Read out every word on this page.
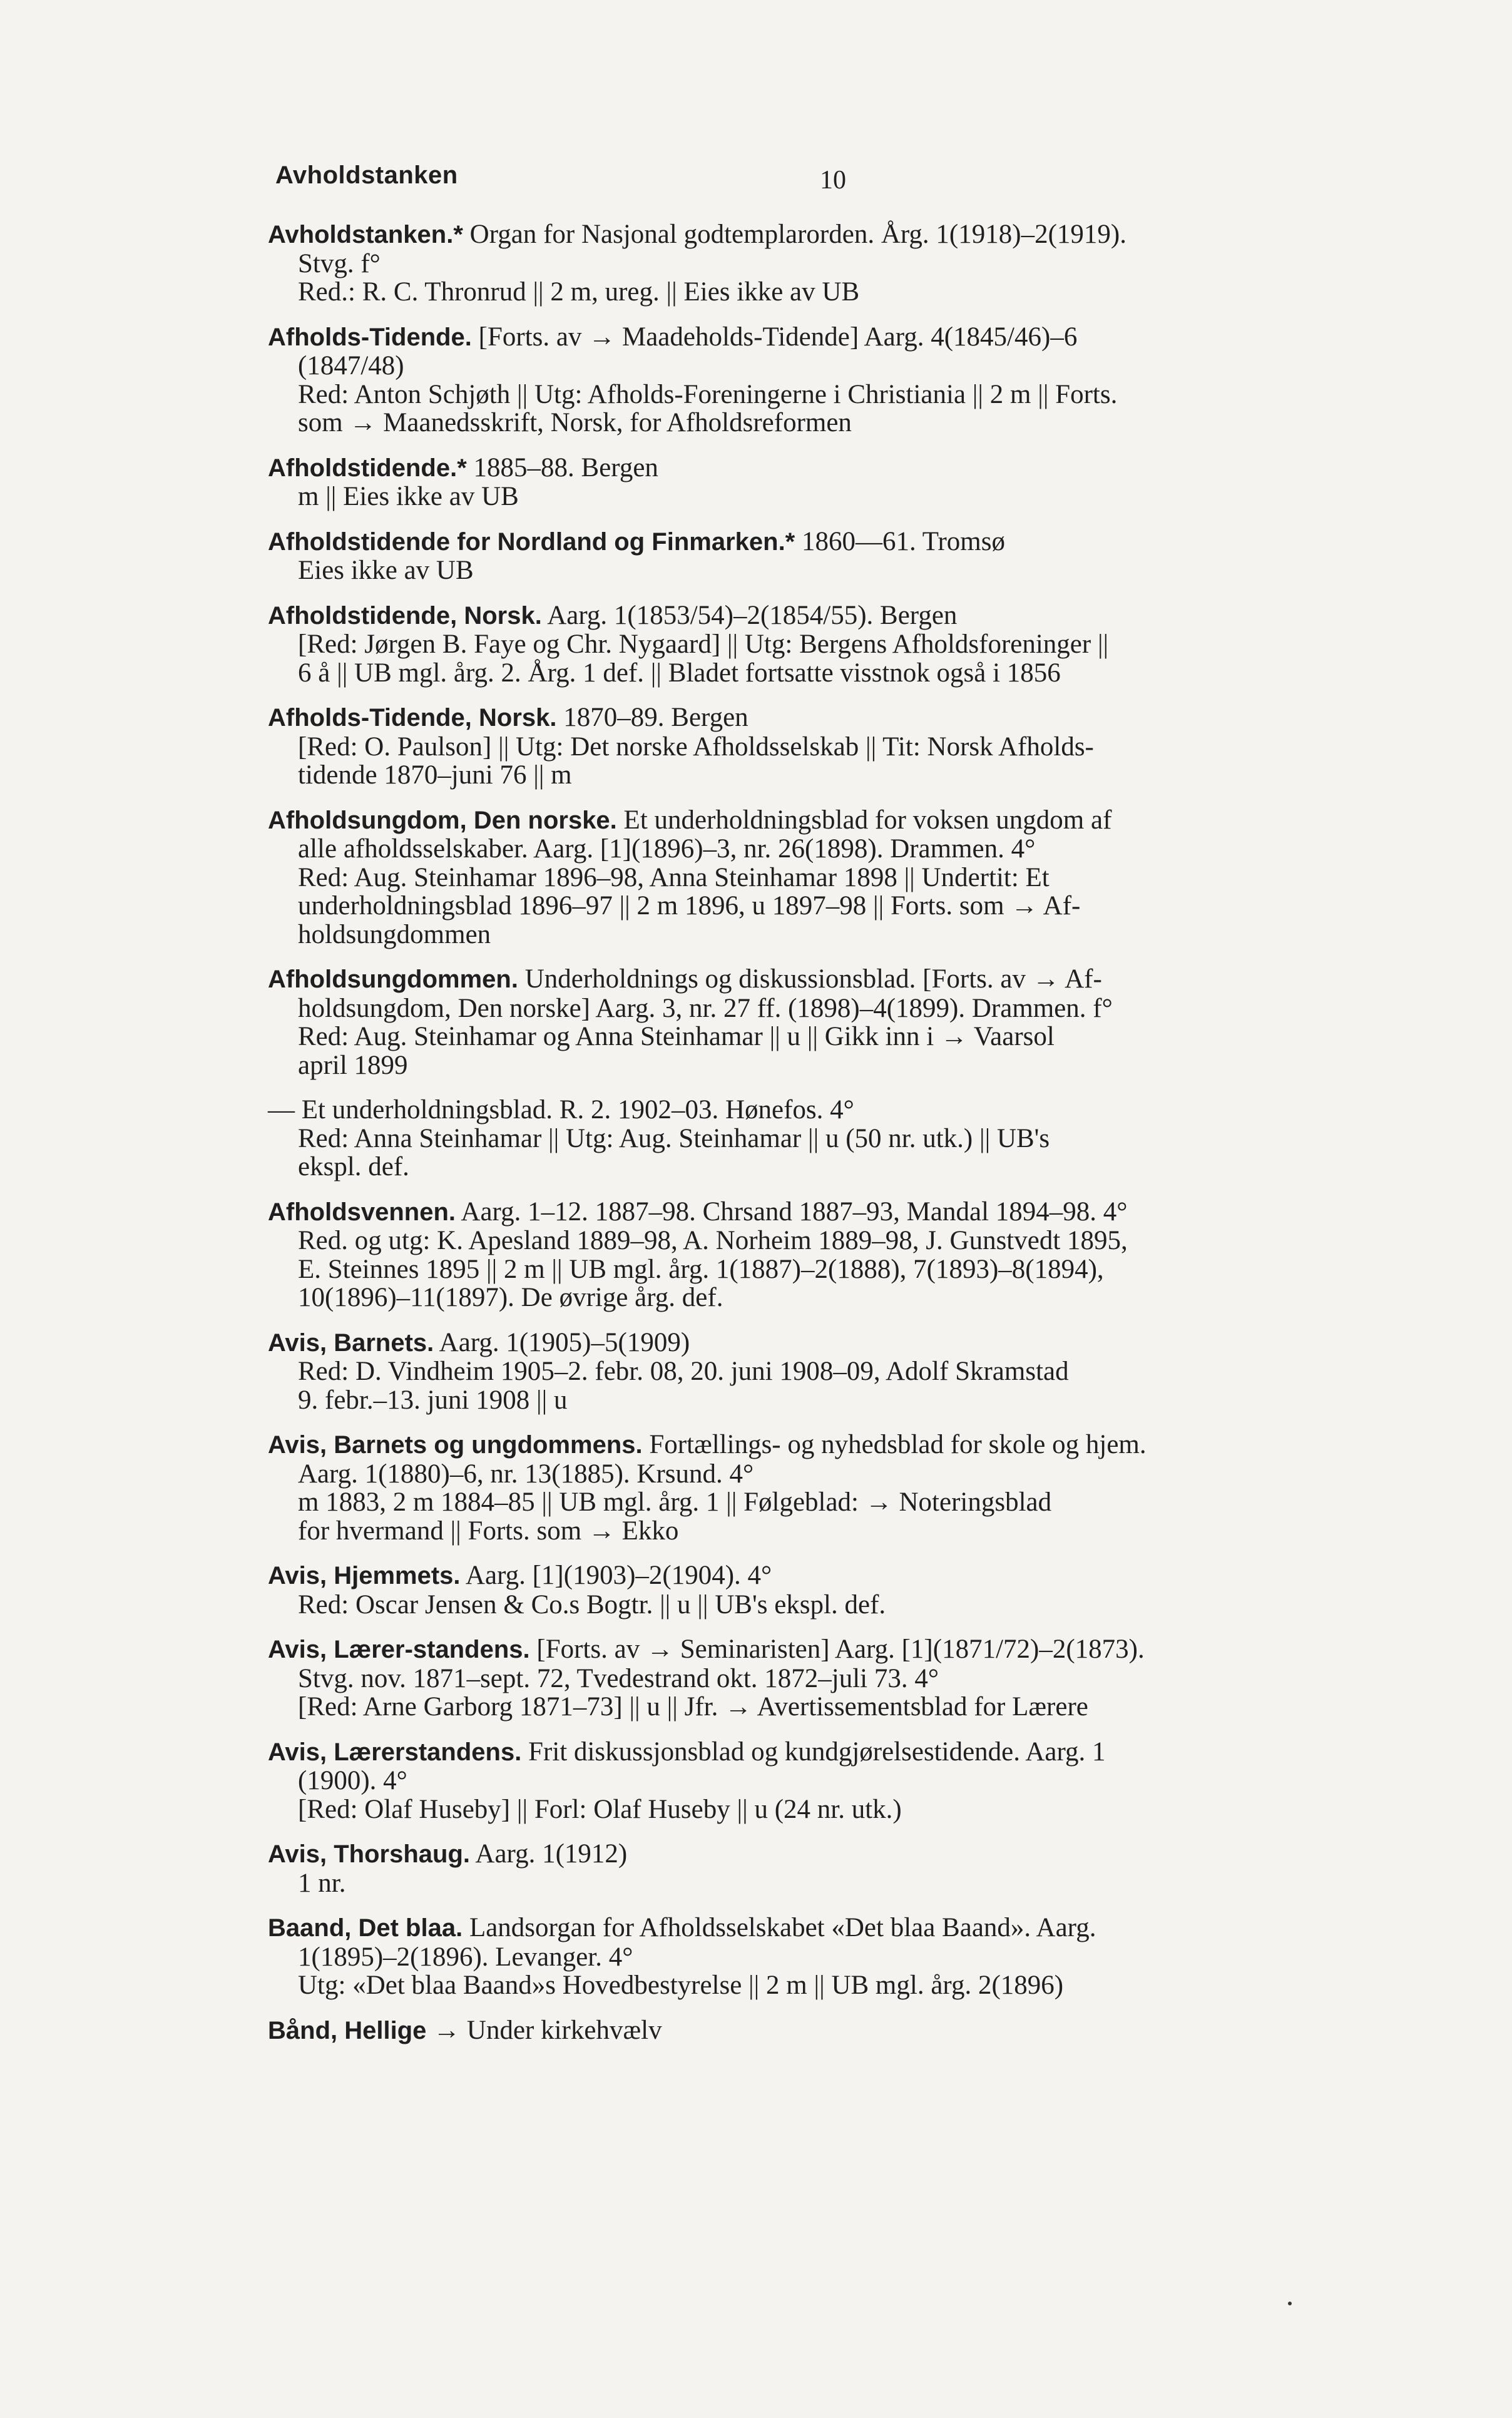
Avholdstanken	10
Avholdstanken.* Organ for Nasjonal godtemplarorden. Årg. 1(1918)–2(1919).
Stvg. f°
Red.: R. C. Thronrud || 2 m, ureg. || Eies ikke av UB
Afholds-Tidende. [Forts. av → Maadeholds-Tidende] Aarg. 4(1845/46)–6
(1847/48)
Red: Anton Schjøth || Utg: Afholds-Foreningerne i Christiania || 2 m || Forts.
som → Maanedsskrift, Norsk, for Afholdsreformen
Afholdstidende.* 1885–88. Bergen
m || Eies ikke av UB
Afholdstidende for Nordland og Finmarken.* 1860—61. Tromsø
Eies ikke av UB
Afholdstidende, Norsk. Aarg. 1(1853/54)–2(1854/55). Bergen
[Red: Jørgen B. Faye og Chr. Nygaard] || Utg: Bergens Afholdsforeninger ||
6 å || UB mgl. årg. 2. Årg. 1 def. || Bladet fortsatte visstnok også i 1856
Afholds-Tidende, Norsk. 1870–89. Bergen
[Red: O. Paulson] || Utg: Det norske Afholdsselskab || Tit: Norsk Afholds-
tidende 1870–juni 76 || m
Afholdsungdom, Den norske. Et underholdningsblad for voksen ungdom af
alle afholdsselskaber. Aarg. [1](1896)–3, nr. 26(1898). Drammen. 4°
Red: Aug. Steinhamar 1896–98, Anna Steinhamar 1898 || Undertit: Et
underholdningsblad 1896–97 || 2 m 1896, u 1897–98 || Forts. som → Af-
holdsungdommen
Afholdsungdommen. Underholdnings og diskussionsblad. [Forts. av → Af-
holdsungdom, Den norske] Aarg. 3, nr. 27 ff. (1898)–4(1899). Drammen. f°
Red: Aug. Steinhamar og Anna Steinhamar || u || Gikk inn i → Vaarsol
april 1899
— Et underholdningsblad. R. 2. 1902–03. Hønefos. 4°
Red: Anna Steinhamar || Utg: Aug. Steinhamar || u (50 nr. utk.) || UB's
ekspl. def.
Afholdsvennen. Aarg. 1–12. 1887–98. Chrsand 1887–93, Mandal 1894–98. 4°
Red. og utg: K. Apesland 1889–98, A. Norheim 1889–98, J. Gunstvedt 1895,
E. Steinnes 1895 || 2 m || UB mgl. årg. 1(1887)–2(1888), 7(1893)–8(1894),
10(1896)–11(1897). De øvrige årg. def.
Avis, Barnets. Aarg. 1(1905)–5(1909)
Red: D. Vindheim 1905–2. febr. 08, 20. juni 1908–09, Adolf Skramstad
9. febr.–13. juni 1908 || u
Avis, Barnets og ungdommens. Fortællings- og nyhedsblad for skole og hjem.
Aarg. 1(1880)–6, nr. 13(1885). Krsund. 4°
m 1883, 2 m 1884–85 || UB mgl. årg. 1 || Følgeblad: → Noteringsblad
for hvermand || Forts. som → Ekko
Avis, Hjemmets. Aarg. [1](1903)–2(1904). 4°
Red: Oscar Jensen & Co.s Bogtr. || u || UB's ekspl. def.
Avis, Lærer-standens. [Forts. av → Seminaristen] Aarg. [1](1871/72)–2(1873).
Stvg. nov. 1871–sept. 72, Tvedestrand okt. 1872–juli 73. 4°
[Red: Arne Garborg 1871–73] || u || Jfr. → Avertissementsblad for Lærere
Avis, Lærerstandens. Frit diskussjonsblad og kundgjørelsestidende. Aarg. 1
(1900). 4°
[Red: Olaf Huseby] || Forl: Olaf Huseby || u (24 nr. utk.)
Avis, Thorshaug. Aarg. 1(1912)
1 nr.
Baand, Det blaa. Landsorgan for Afholdsselskabet «Det blaa Baand». Aarg.
1(1895)–2(1896). Levanger. 4°
Utg: «Det blaa Baand»s Hovedbestyrelse || 2 m || UB mgl. årg. 2(1896)
Bånd, Hellige → Under kirkehvælv
